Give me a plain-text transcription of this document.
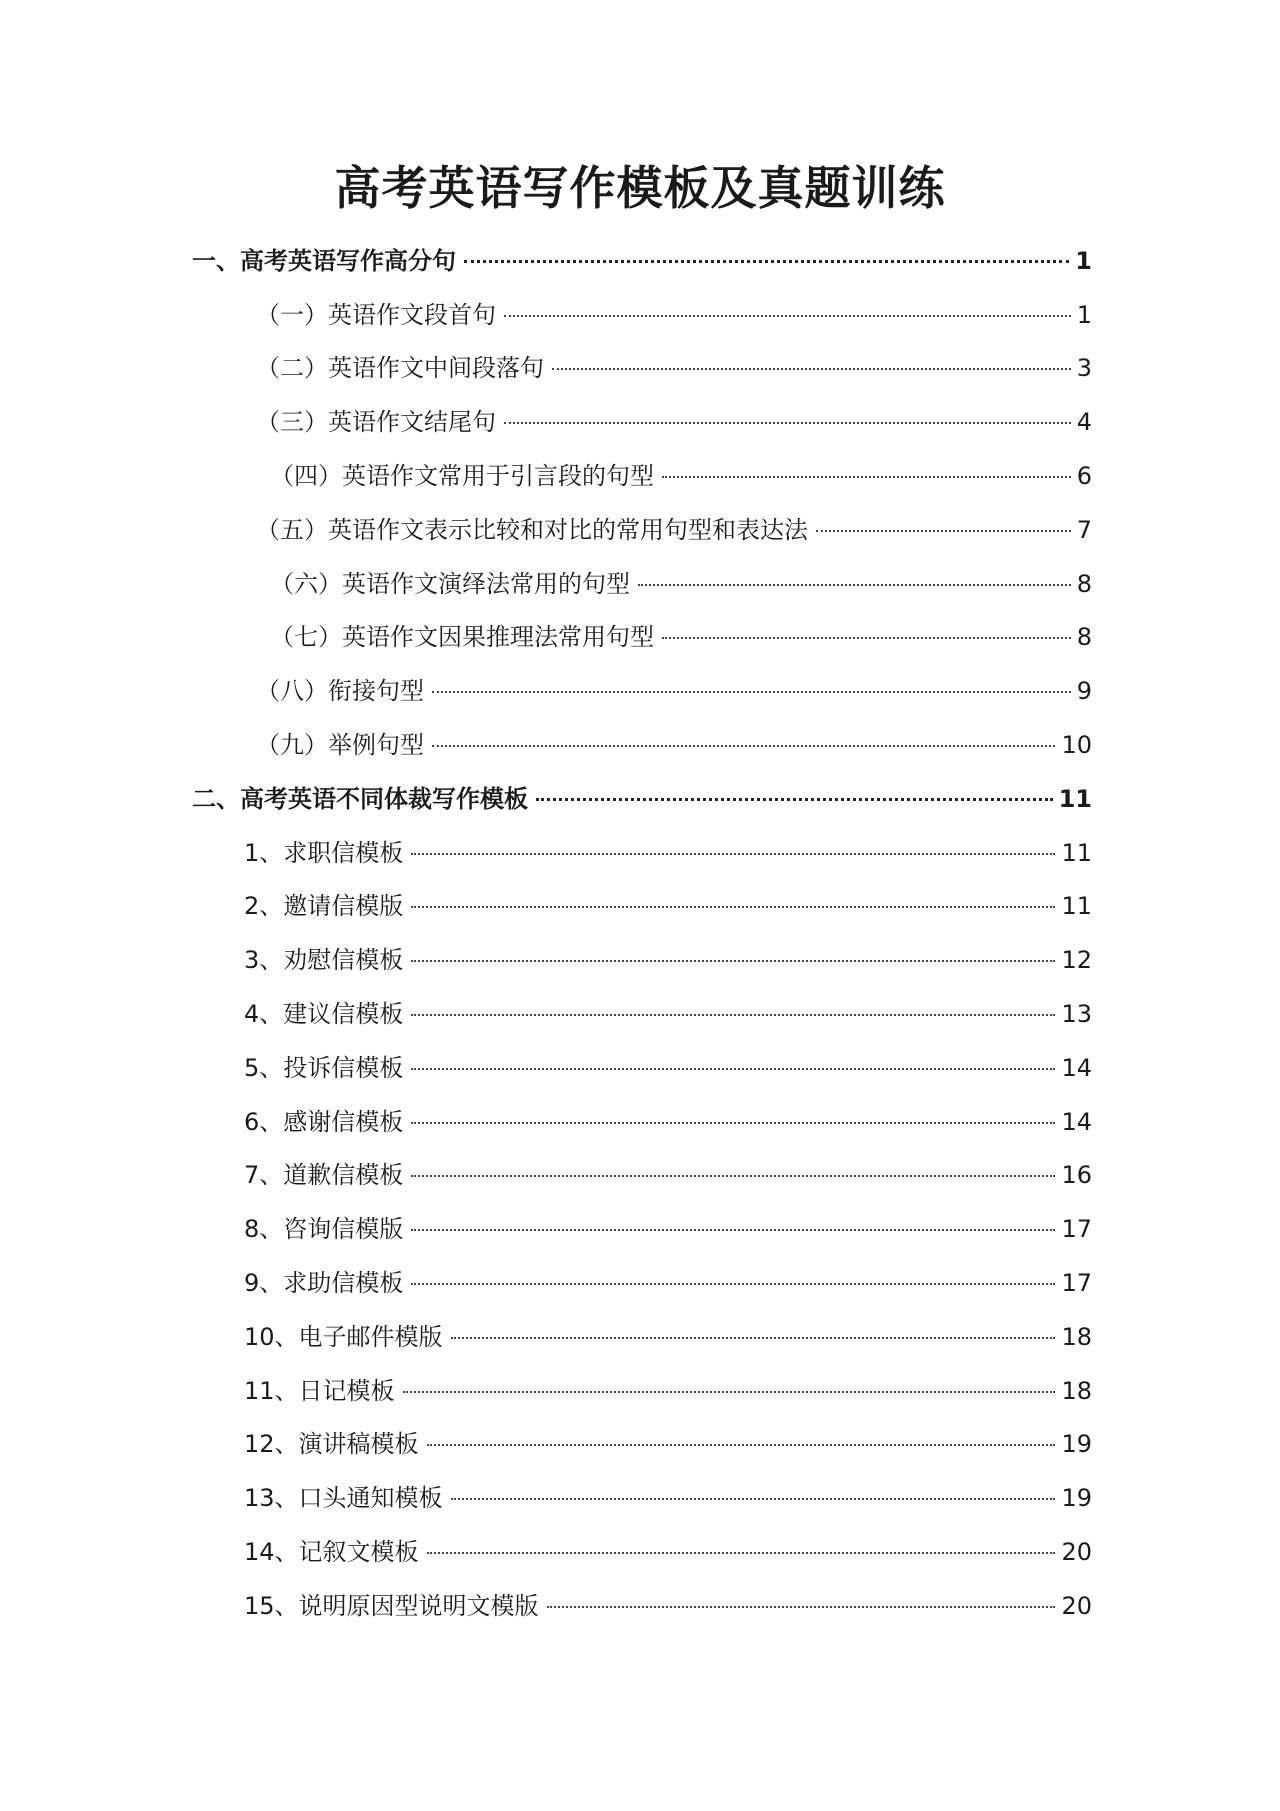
高考英语写作模板及真题训练
一、高考英语写作高分句	1
（一）英语作文段首句	1
（二）英语作文中间段落句	3
（三）英语作文结尾句	4
（四）英语作文常用于引言段的句型	6
（五）英语作文表示比较和对比的常用句型和表达法	7
（六）英语作文演绎法常用的句型	8
（七）英语作文因果推理法常用句型	8
（八）衔接句型	9
（九）举例句型	10
二、高考英语不同体裁写作模板	11
1、求职信模板	11
2、邀请信模版	11
3、劝慰信模板	12
4、建议信模板	13
5、投诉信模板	14
6、感谢信模板	14
7、道歉信模板	16
8、咨询信模版	17
9、求助信模板	17
10、电子邮件模版	18
11、日记模板	18
12、演讲稿模板	19
13、口头通知模板	19
14、记叙文模板	20
15、说明原因型说明文模版	20
